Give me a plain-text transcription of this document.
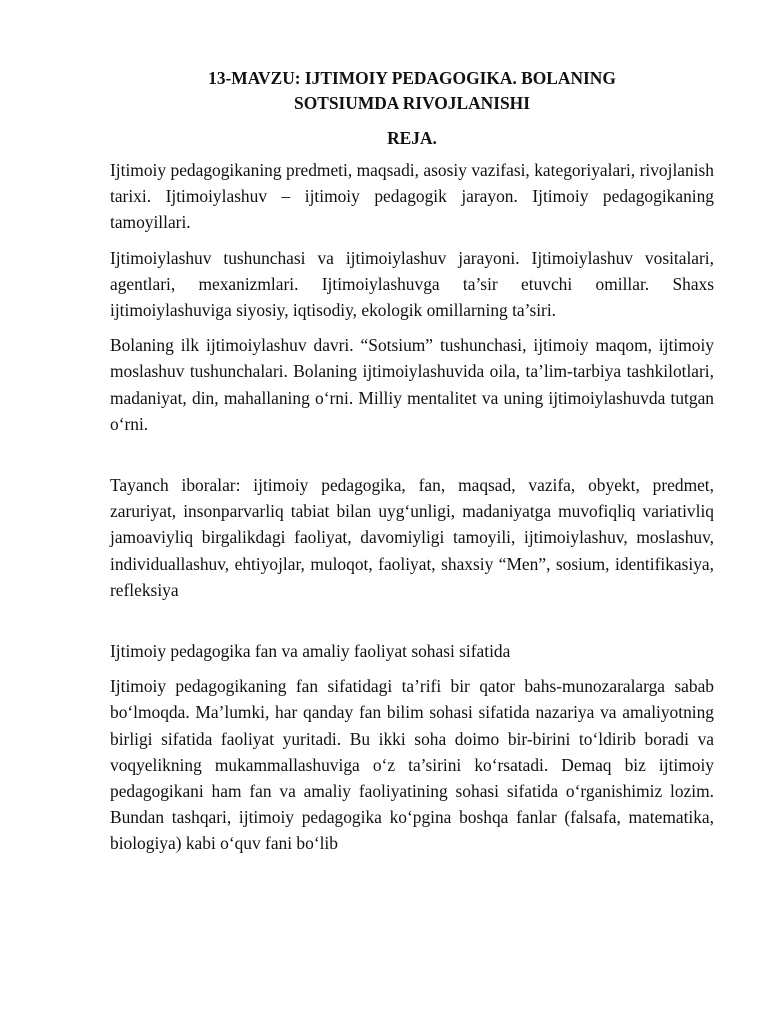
13-MAVZU: IJTIMOIY PEDAGOGIKA. BOLANING
SOTSIUMDA RIVOJLANISHI
REJA.

Ijtimoiy pedagogikaning predmeti, maqsadi, asosiy vazifasi, kategoriyalari, rivojlanish tarixi. Ijtimoiylashuv – ijtimoiy pedagogik jarayon. Ijtimoiy pedagogikaning tamoyillari.

Ijtimoiylashuv tushunchasi va ijtimoiylashuv jarayoni. Ijtimoiylashuv vositalari, agentlari, mexanizmlari. Ijtimoiylashuvga ta’sir etuvchi omillar. Shaxs ijtimoiylashuviga siyosiy, iqtisodiy, ekologik omillarning ta’siri.

Bolaning ilk ijtimoiylashuv davri. “Sotsium” tushunchasi, ijtimoiy maqom, ijtimoiy moslashuv tushunchalari. Bolaning ijtimoiylashuvida oila, ta’lim-tarbiya tashkilotlari, madaniyat, din, mahallaning o‘rni. Milliy mentalitet va uning ijtimoiylashuvda tutgan o‘rni.

Tayanch iboralar: ijtimoiy pedagogika, fan, maqsad, vazifa, obyekt, predmet, zaruriyat, insonparvarliq tabiat bilan uyg‘unligi, madaniyatga muvofiqliq variativliq jamoaviyliq birgalikdagi faoliyat, davomiyligi tamoyili, ijtimoiylashuv, moslashuv, individuallashuv, ehtiyojlar, muloqot, faoliyat, shaxsiy “Men”, sosium, identifikasiya, refleksiya

Ijtimoiy pedagogika fan va amaliy faoliyat sohasi sifatida

Ijtimoiy pedagogikaning fan sifatidagi ta’rifi bir qator bahs-munozaralarga sabab bo‘lmoqda. Ma’lumki, har qanday fan bilim sohasi sifatida nazariya va amaliyotning birligi sifatida faoliyat yuritadi. Bu ikki soha doimo bir-birini to‘ldirib boradi va voqyelikning mukammallashuviga o‘z ta’sirini ko‘rsatadi. Demaq biz ijtimoiy pedagogikani ham fan va amaliy faoliyatining sohasi sifatida o‘rganishimiz lozim. Bundan tashqari, ijtimoiy pedagogika ko‘pgina boshqa fanlar (falsafa, matematika, biologiya) kabi o‘quv fani bo‘lib
